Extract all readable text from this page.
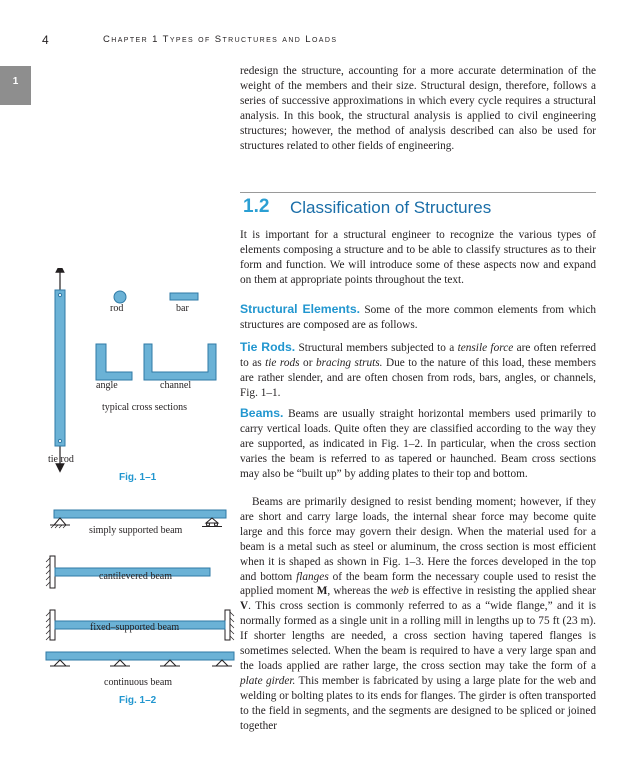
4	Chapter 1 Types of Structures and Loads
1

redesign the structure, accounting for a more accurate determination of the weight of the members and their size. Structural design, therefore, follows a series of successive approximations in which every cycle requires a structural analysis. In this book, the structural analysis is applied to civil engineering structures; however, the method of analysis described can also be used for structures related to other fields of engineering.

1.2 Classification of Structures

It is important for a structural engineer to recognize the various types of elements composing a structure and to be able to classify structures as to their form and function. We will introduce some of these aspects now and expand on them at appropriate points throughout the text.

Structural Elements. Some of the more common elements from which structures are composed are as follows.

Tie Rods. Structural members subjected to a tensile force are often referred to as tie rods or bracing struts. Due to the nature of this load, these members are rather slender, and are often chosen from rods, bars, angles, or channels, Fig. 1–1.

Beams. Beams are usually straight horizontal members used primarily to carry vertical loads. Quite often they are classified according to the way they are supported, as indicated in Fig. 1–2. In particular, when the cross section varies the beam is referred to as tapered or haunched. Beam cross sections may also be “built up” by adding plates to their top and bottom.

Beams are primarily designed to resist bending moment; however, if they are short and carry large loads, the internal shear force may become quite large and this force may govern their design. When the material used for a beam is a metal such as steel or aluminum, the cross section is most efficient when it is shaped as shown in Fig. 1–3. Here the forces developed in the top and bottom flanges of the beam form the necessary couple used to resist the applied moment M, whereas the web is effective in resisting the applied shear V. This cross section is commonly referred to as a “wide flange,” and it is normally formed as a single unit in a rolling mill in lengths up to 75 ft (23 m). If shorter lengths are needed, a cross section having tapered flanges is sometimes selected. When the beam is required to have a very large span and the loads applied are rather large, the cross section may take the form of a plate girder. This member is fabricated by using a large plate for the web and welding or bolting plates to its ends for flanges. The girder is often transported to the field in segments, and the segments are designed to be spliced or joined together

rod	bar
angle	channel
typical cross sections
tie rod
Fig. 1–1
simply supported beam
cantilevered beam
fixed–supported beam
continuous beam
Fig. 1–2
